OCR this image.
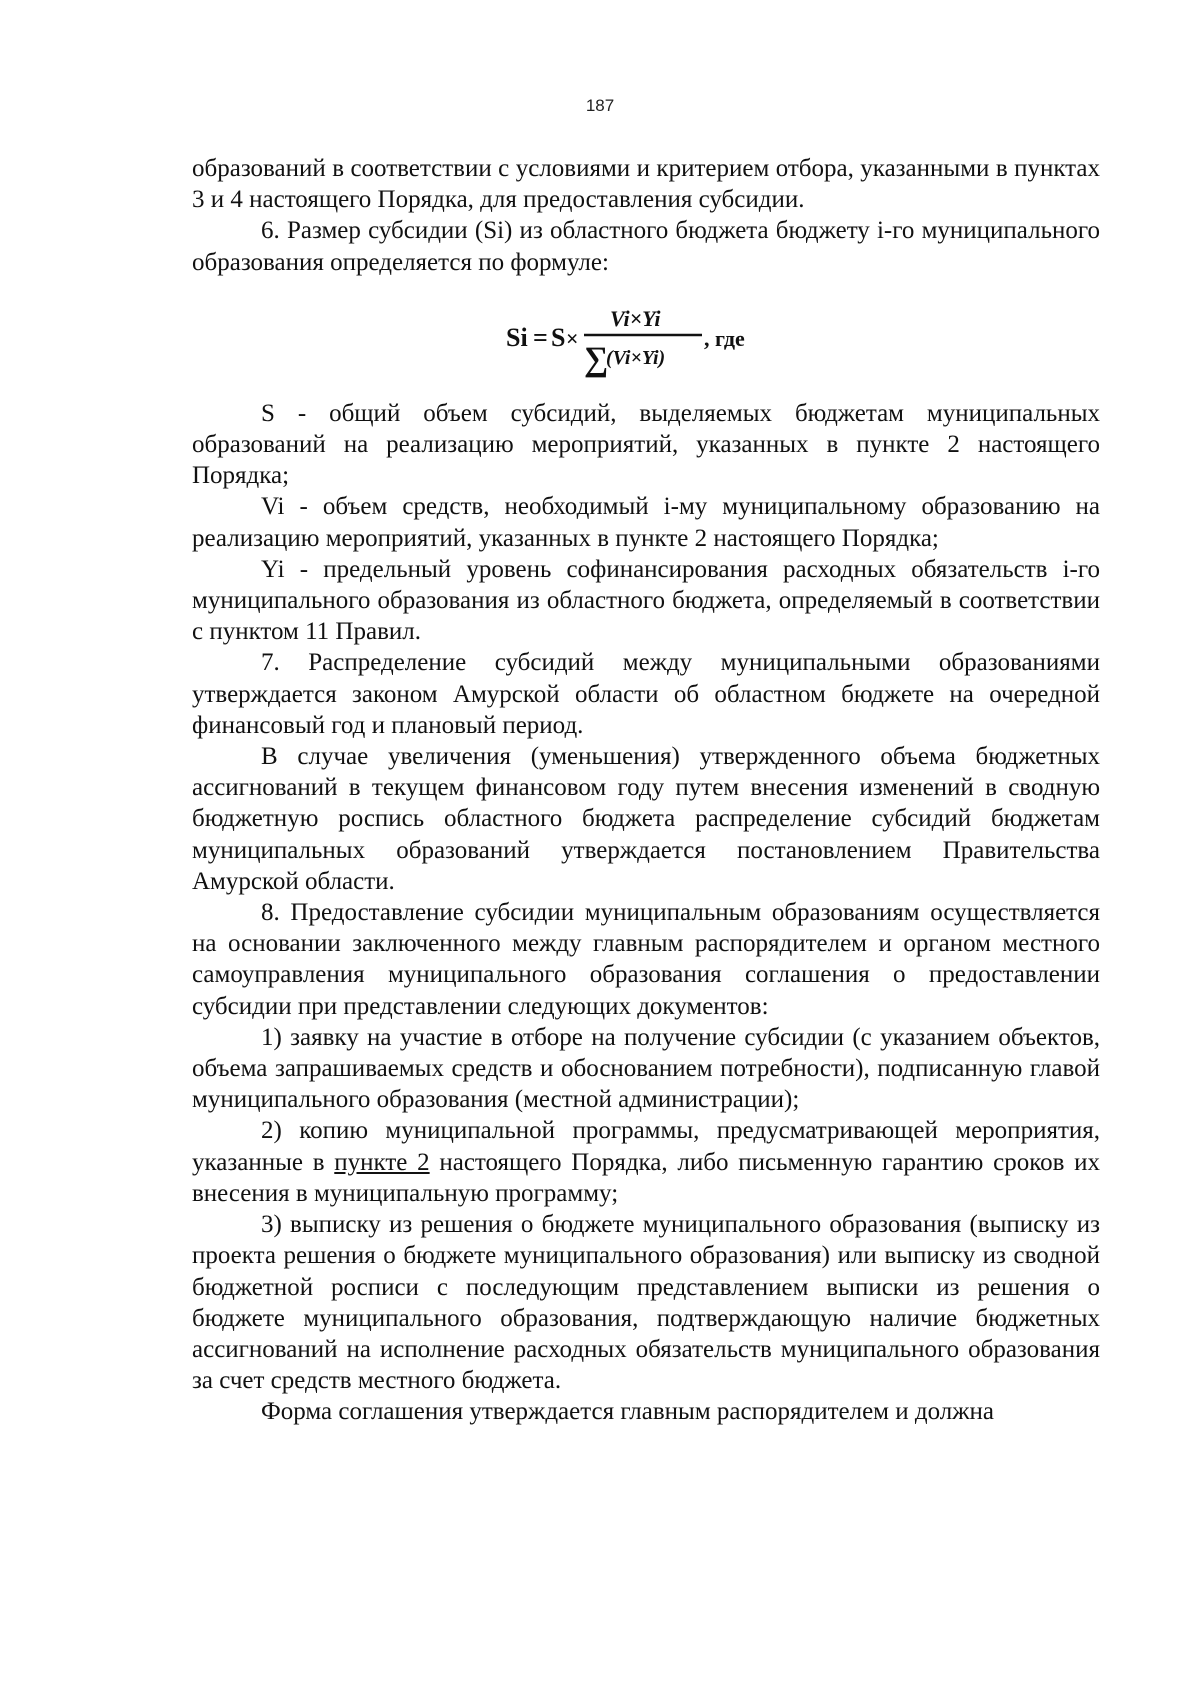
187

образований в соответствии с условиями и критерием отбора, указанными в пунктах 3 и 4 настоящего Порядка, для предоставления субсидии.

6. Размер субсидии (Si) из областного бюджета бюджету i-го муниципального образования определяется по формуле:

Si = S ×
Vi×Yi
∑
(Vi×Yi)
, где

S - общий объем субсидий, выделяемых бюджетам муниципальных образований на реализацию мероприятий, указанных в пункте 2 настоящего Порядка;

Vi - объем средств, необходимый i-му муниципальному образованию на реализацию мероприятий, указанных в пункте 2 настоящего Порядка;

Yi - предельный уровень софинансирования расходных обязательств i-го муниципального образования из областного бюджета, определяемый в соответствии с пунктом 11 Правил.

7. Распределение субсидий между муниципальными образованиями утверждается законом Амурской области об областном бюджете на очередной финансовый год и плановый период.

В случае увеличения (уменьшения) утвержденного объема бюджетных ассигнований в текущем финансовом году путем внесения изменений в сводную бюджетную роспись областного бюджета распределение субсидий бюджетам муниципальных образований утверждается постановлением Правительства Амурской области.

8. Предоставление субсидии муниципальным образованиям осуществляется на основании заключенного между главным распорядителем и органом местного самоуправления муниципального образования соглашения о предоставлении субсидии при представлении следующих документов:

1) заявку на участие в отборе на получение субсидии (с указанием объектов, объема запрашиваемых средств и обоснованием потребности), подписанную главой муниципального образования (местной администрации);

2) копию муниципальной программы, предусматривающей мероприятия, указанные в пункте 2 настоящего Порядка, либо письменную гарантию сроков их внесения в муниципальную программу;

3) выписку из решения о бюджете муниципального образования (выписку из проекта решения о бюджете муниципального образования) или выписку из сводной бюджетной росписи с последующим представлением выписки из решения о бюджете муниципального образования, подтверждающую наличие бюджетных ассигнований на исполнение расходных обязательств муниципального образования за счет средств местного бюджета.

Форма соглашения утверждается главным распорядителем и должна
